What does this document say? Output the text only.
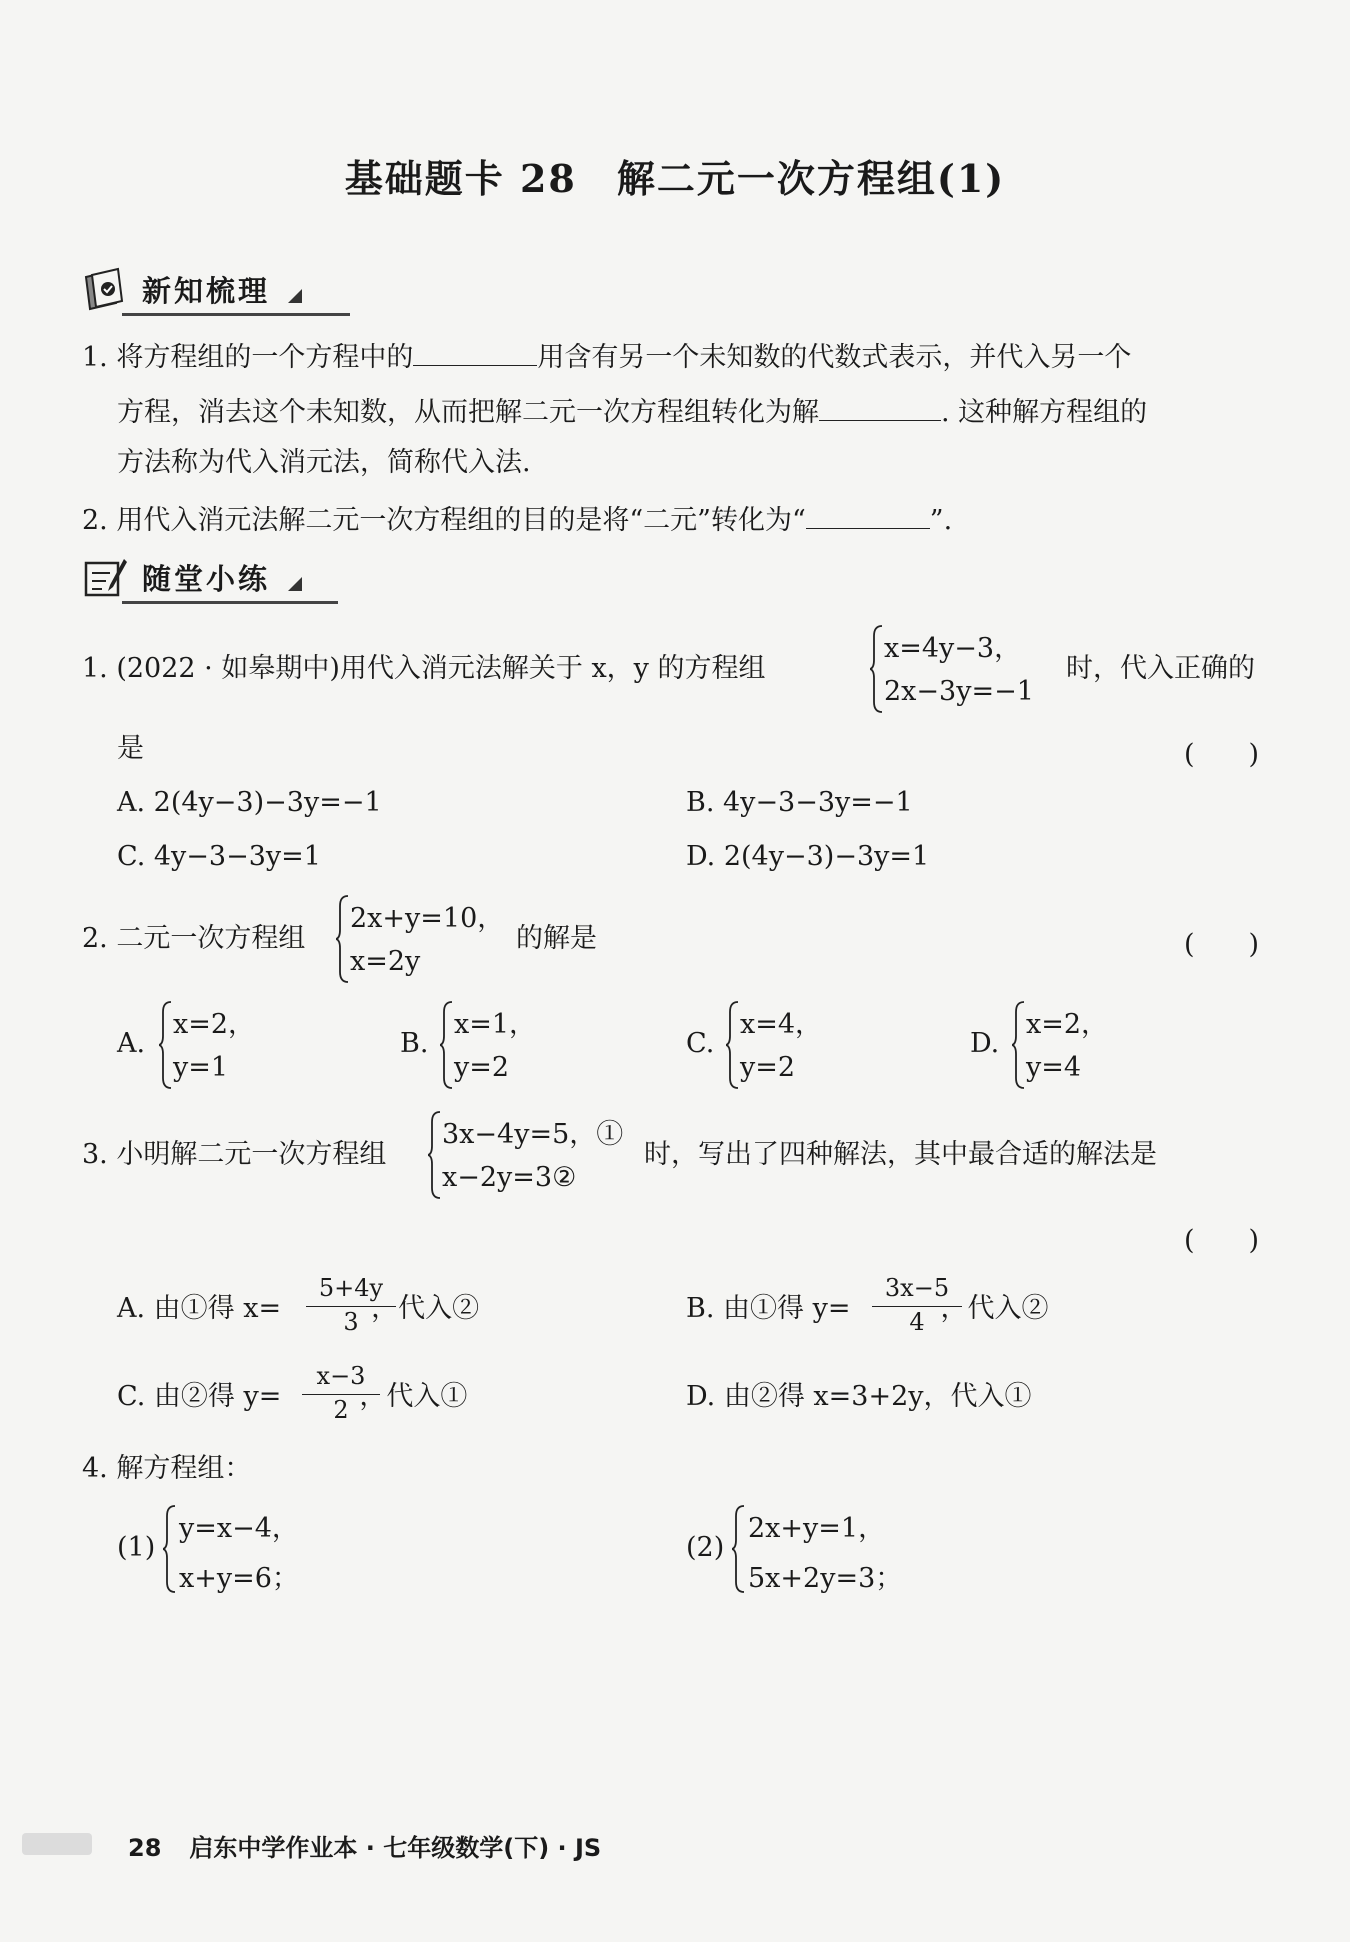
基础题卡 28　解二元一次方程组(1)
新知梳理
1. 将方程组的一个方程中的	用含有另一个未知数的代数式表示，并代入另一个
方程，消去这个未知数，从而把解二元一次方程组转化为解	. 这种解方程组的
方法称为代入消元法，简称代入法.
2. 用代入消元法解二元一次方程组的目的是将“二元”转化为“	”.
随堂小练
1. (2022 · 如皋期中)用代入消元法解关于 x，y 的方程组
x=4y−3，
2x−3y=−1
时，代入正确的
是	(　　)
A. 2(4y−3)−3y=−1	B. 4y−3−3y=−1
C. 4y−3−3y=1	D. 2(4y−3)−3y=1
2. 二元一次方程组
2x+y=10，
x=2y
的解是	(　　)
A.
x=2，
y=1
B.
x=1，
y=2
C.
x=4，
y=2
D.
x=2，
y=4
3. 小明解二元一次方程组
3x−4y=5，①
x−2y=3②
时，写出了四种解法，其中最合适的解法是
(　　)
A. 由①得 x=	，代入②
5+4y
3	B. 由①得 y=	，代入②
3x−5
4
C. 由②得 y=	，代入①
x−3
2	D. 由②得 x=3+2y，代入①
4. 解方程组：
(1)
y=x−4，
x+y=6；
(2)
2x+y=1，
5x+2y=3；
28 启东中学作业本 · 七年级数学(下) · JS
